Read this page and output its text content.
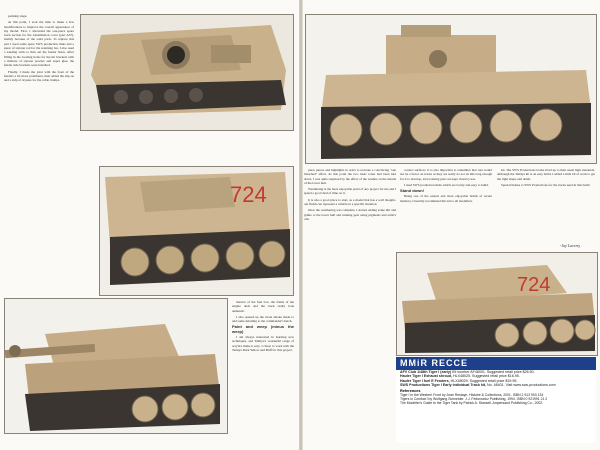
painting stage.

At this point, I took the time to make a few modifications to improve the overall appearance of my model. First, I discarded the one-piece spare track section for the transmission cover (part A37), mainly because of the solid parts. To replace this part I used some spare SWS production links and a piece of styrene rod for the retaining bar. I also used a sanding stick to thin out the fender holes. After filling in the locating holes for the kit brackets with a mixture of styrene powder and super glue, the fender side brackets were installed.

Finally, I made the joint with the front of the fenders a bit more prominent, then added the slip-on and a strip of styrene for the cable clamps.

724

interior of the fuel box, the frame of the engine deck and the track really look authentic.

I also opened up the turret smoke made to add some detailing to the commander's hatch.

Paint and weep (minus the weep)

I am always interested in learning new techniques, and Tamiya's wonderful range of acrylics make it easy. I chose to work with the Tamiya Dark Yellow and Buff for this project.

place pieces and highlights in order to recreate a convincing "sun bleached" effect. At this point the two basic tones had been laid down. I was quite surprised by the effect of the washes on the details of the lower hull.

Weathering is the most enjoyable point of any project for me and I spend a good deal of time on it.

It is also a good place to start, as a model that has a well thought-out finish can represent a vehicle in a specific situation.

Once the weathering was complete, I started adding some dirt and grime to the lower hull and running gear using pigments and artist's oils.

contact surfaces. It is also important to remember that rust would not be a factor on tracks as they are really do not sit idle long enough for it to develop, and working parts are kept clean by use.

I used SWS production links which are lovely and easy to build.

Stand down!

Being one of the easiest and most enjoyable builds of recent memory, I heartily recommend this kit to all modellers.

kit. The SWS Productions tracks lived up to their usual high standards. Although the Tamiya kit is an easy build, I added a little bit of work to get the right shape and detail.

Special thanks to SWS Productions for the tracks used in this build.

-Jay Laverty
724
MMiR RECCE
AFV Club 1/48th Tiger I (early) Kit number AF48001. Suggested retail price $26.50.
Hauler Tiger I Exhaust shroud, HLX48025. Suggested retail price $16.95.
Hauler Tiger I fuel E Fenders, HLX48029. Suggested retail price $19.95.
SWS Productions Tiger I Early Individual Track kit, No. 48401. Visit www.sws-productions.com
References
Tiger I in the Western Front by Jean Restayn. Histoire & Collections, 2001. ISBN 2 913 903 134
Tigers in Combat I by Wolfgang Schneider. J.J. Fedorowicz Publishing, 1994. ISBN 0 921991 21 2
The Modeller's Guide to the Tiger Tank by Patrick A. Stansell. Ampersand Publishing Co., 2002.
